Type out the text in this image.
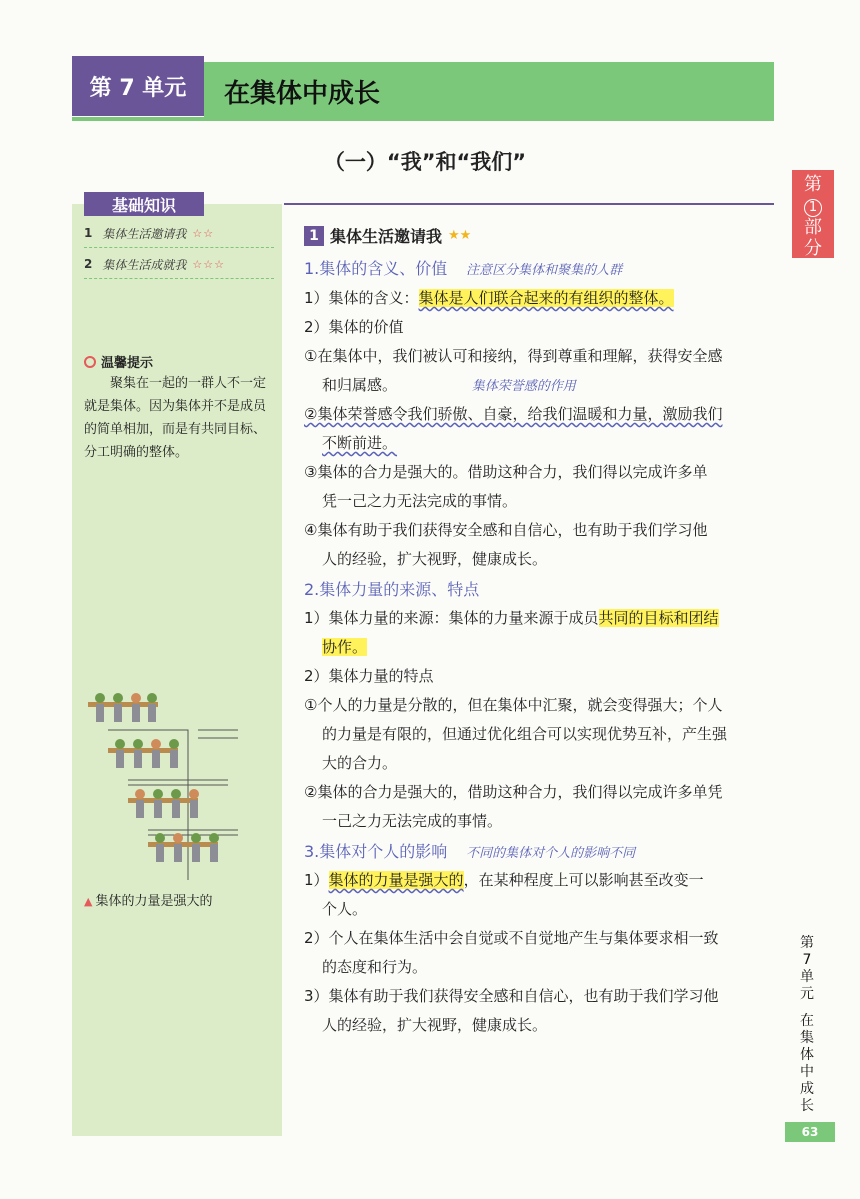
在集体中成长
第 7 单元
（一）“我”和“我们”
第
1
部
分
基础知识
1 集体生活邀请我 ☆☆
2 集体生活成就我 ☆☆☆
温馨提示
聚集在一起的一群人不一定就是集体。因为集体并不是成员的简单相加，而是有共同目标、分工明确的整体。
▲ 集体的力量是强大的
1 集体生活邀请我 ★★
1.集体的含义、价值 注意区分集体和聚集的人群
1）集体的含义：集体是人们联合起来的有组织的整体。
2）集体的价值
①在集体中，我们被认可和接纳，得到尊重和理解，获得安全感
和归属感。	集体荣誉感的作用
②集体荣誉感令我们骄傲、自豪，给我们温暖和力量，激励我们
不断前进。
③集体的合力是强大的。借助这种合力，我们得以完成许多单
凭一己之力无法完成的事情。
④集体有助于我们获得安全感和自信心，也有助于我们学习他
人的经验，扩大视野，健康成长。
2.集体力量的来源、特点
1）集体力量的来源：集体的力量来源于成员共同的目标和团结
协作。
2）集体力量的特点
①个人的力量是分散的，但在集体中汇聚，就会变得强大；个人
的力量是有限的，但通过优化组合可以实现优势互补，产生强
大的合力。
②集体的合力是强大的，借助这种合力，我们得以完成许多单凭
一己之力无法完成的事情。
3.集体对个人的影响 不同的集体对个人的影响不同
1）集体的力量是强大的，在某种程度上可以影响甚至改变一
个人。
2）个人在集体生活中会自觉或不自觉地产生与集体要求相一致
的态度和行为。
3）集体有助于我们获得安全感和自信心，也有助于我们学习他
人的经验，扩大视野，健康成长。
第
7
单
元
在
集
体
中
成
长
63
